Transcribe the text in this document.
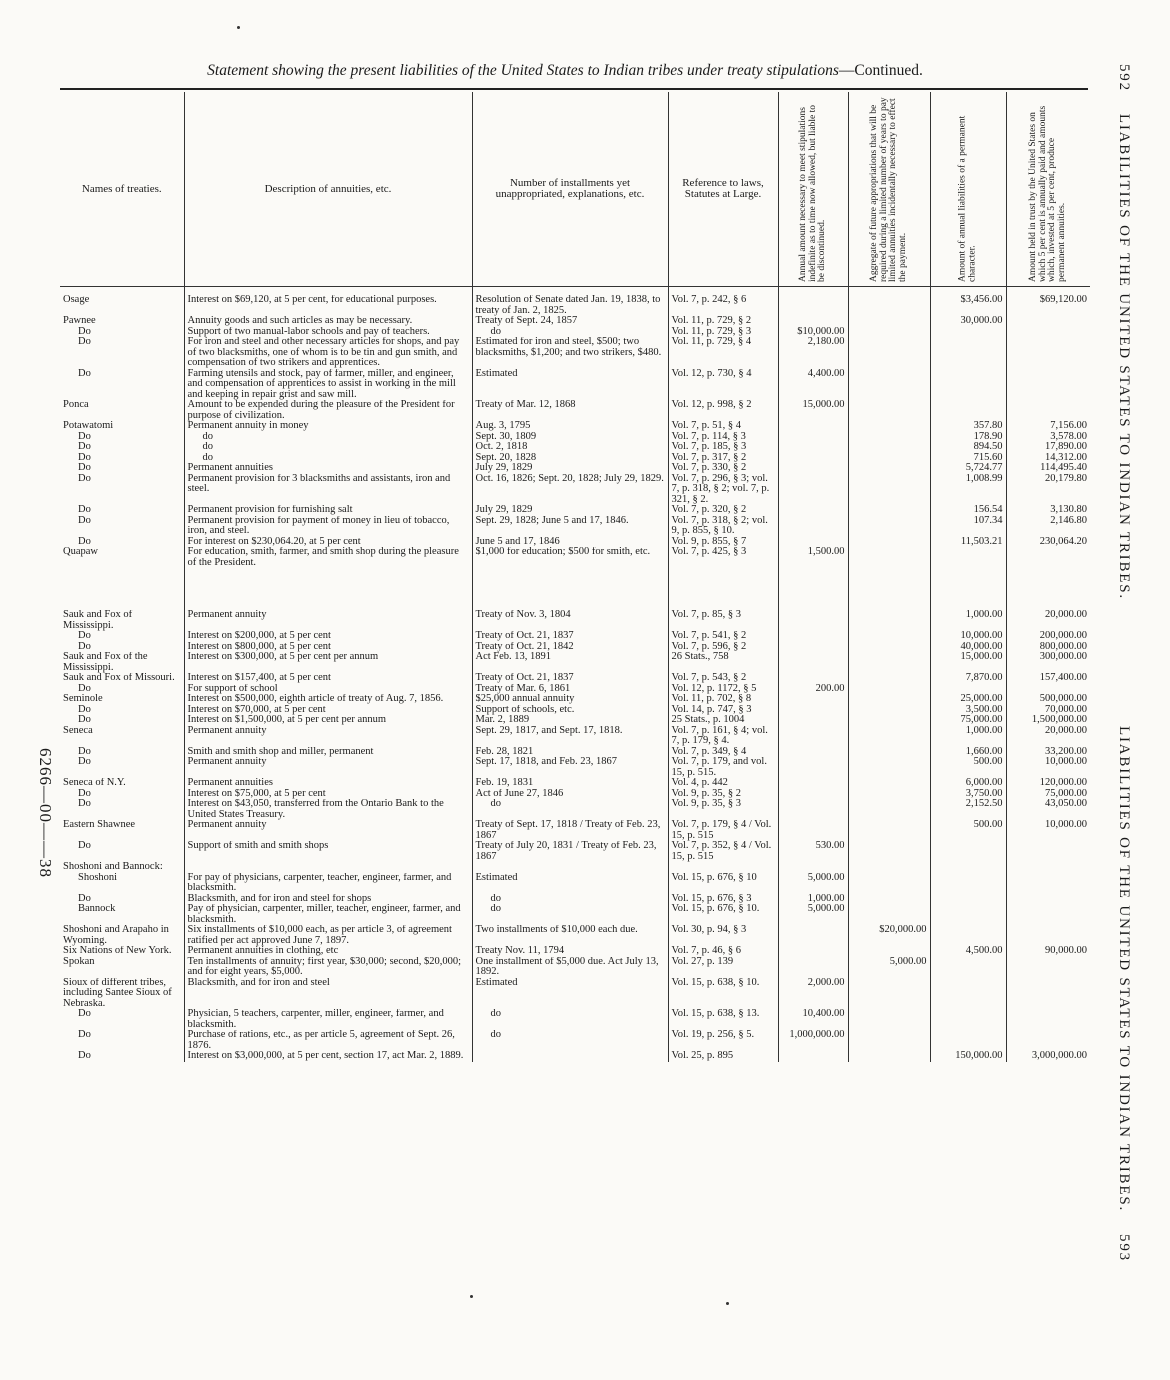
Statement showing the present liabilities of the United States to Indian tribes under treaty stipulations—Continued.	592
LIABILITIES OF THE UNITED STATES TO INDIAN TRIBES.
LIABILITIES OF THE UNITED STATES TO INDIAN TRIBES.
593
6266—00——38
Names of treaties.	Description of annuities, etc.	Number of installments yet unappropriated, explanations, etc.	Reference to laws, Statutes at Large.	Annual amount necessary to meet stipulations indefinite as to time now allowed, but liable to be discontinued.	Aggregate of future appropriations that will be required during a limited number of years to pay limited annuities incidentally necessary to effect the payment.	Amount of annual liabilities of a permanent character.	Amount held in trust by the United States on which 5 per cent is annually paid and amounts which, invested at 5 per cent, produce permanent annuities.

Osage	Interest on $69,120, at 5 per cent, for educational purposes.	Resolution of Senate dated Jan. 19, 1838, to treaty of Jan. 2, 1825.	Vol. 7, p. 242, § 6			$3,456.00	$69,120.00
Pawnee	Annuity goods and such articles as may be necessary.	Treaty of Sept. 24, 1857	Vol. 11, p. 729, § 2			30,000.00	
Do	Support of two manual-labor schools and pay of teachers.	do	Vol. 11, p. 729, § 3	$10,000.00			
Do	For iron and steel and other necessary articles for shops, and pay of two blacksmiths, one of whom is to be tin and gun smith, and compensation of two strikers and apprentices.	Estimated for iron and steel, $500; two blacksmiths, $1,200; and two strikers, $480.	Vol. 11, p. 729, § 4	2,180.00			
Do	Farming utensils and stock, pay of farmer, miller, and engineer, and compensation of apprentices to assist in working in the mill and keeping in repair grist and saw mill.	Estimated	Vol. 12, p. 730, § 4	4,400.00			
Ponca	Amount to be expended during the pleasure of the President for purpose of civilization.	Treaty of Mar. 12, 1868	Vol. 12, p. 998, § 2	15,000.00			
Potawatomi	Permanent annuity in money	Aug. 3, 1795	Vol. 7, p. 51, § 4			357.80	7,156.00
Do	do	Sept. 30, 1809	Vol. 7, p. 114, § 3			178.90	3,578.00
Do	do	Oct. 2, 1818	Vol. 7, p. 185, § 3			894.50	17,890.00
Do	do	Sept. 20, 1828	Vol. 7, p. 317, § 2			715.60	14,312.00
Do	Permanent annuities	July 29, 1829	Vol. 7, p. 330, § 2			5,724.77	114,495.40
Do	Permanent provision for 3 blacksmiths and assistants, iron and steel.	Oct. 16, 1826; Sept. 20, 1828; July 29, 1829.	Vol. 7, p. 296, § 3; vol. 7, p. 318, § 2; vol. 7, p. 321, § 2.			1,008.99	20,179.80
Do	Permanent provision for furnishing salt	July 29, 1829	Vol. 7, p. 320, § 2			156.54	3,130.80
Do	Permanent provision for payment of money in lieu of tobacco, iron, and steel.	Sept. 29, 1828; June 5 and 17, 1846.	Vol. 7, p. 318, § 2; vol. 9, p. 855, § 10.			107.34	2,146.80
Do	For interest on $230,064.20, at 5 per cent	June 5 and 17, 1846	Vol. 9, p. 855, § 7			11,503.21	230,064.20
Quapaw	For education, smith, farmer, and smith shop during the pleasure of the President.	$1,000 for education; $500 for smith, etc.	Vol. 7, p. 425, § 3	1,500.00			

Sauk and Fox of Mississippi.	Permanent annuity	Treaty of Nov. 3, 1804	Vol. 7, p. 85, § 3			1,000.00	20,000.00
Do	Interest on $200,000, at 5 per cent	Treaty of Oct. 21, 1837	Vol. 7, p. 541, § 2			10,000.00	200,000.00
Do	Interest on $800,000, at 5 per cent	Treaty of Oct. 21, 1842	Vol. 7, p. 596, § 2			40,000.00	800,000.00
Sauk and Fox of the Mississippi.	Interest on $300,000, at 5 per cent per annum	Act Feb. 13, 1891	26 Stats., 758			15,000.00	300,000.00
Sauk and Fox of Missouri.	Interest on $157,400, at 5 per cent	Treaty of Oct. 21, 1837	Vol. 7, p. 543, § 2			7,870.00	157,400.00
Do	For support of school	Treaty of Mar. 6, 1861	Vol. 12, p. 1172, § 5	200.00			
Seminole	Interest on $500,000, eighth article of treaty of Aug. 7, 1856.	$25,000 annual annuity	Vol. 11, p. 702, § 8			25,000.00	500,000.00
Do	Interest on $70,000, at 5 per cent	Support of schools, etc.	Vol. 14, p. 747, § 3			3,500.00	70,000.00
Do	Interest on $1,500,000, at 5 per cent per annum	Mar. 2, 1889	25 Stats., p. 1004			75,000.00	1,500,000.00
Seneca	Permanent annuity	Sept. 29, 1817, and Sept. 17, 1818.	Vol. 7, p. 161, § 4; vol. 7, p. 179, § 4.			1,000.00	20,000.00
Do	Smith and smith shop and miller, permanent	Feb. 28, 1821	Vol. 7, p. 349, § 4			1,660.00	33,200.00
Do	Permanent annuity	Sept. 17, 1818, and Feb. 23, 1867	Vol. 7, p. 179, and vol. 15, p. 515.			500.00	10,000.00
Seneca of N.Y.	Permanent annuities	Feb. 19, 1831	Vol. 4, p. 442			6,000.00	120,000.00
Do	Interest on $75,000, at 5 per cent	Act of June 27, 1846	Vol. 9, p. 35, § 2			3,750.00	75,000.00
Do	Interest on $43,050, transferred from the Ontario Bank to the United States Treasury.	do	Vol. 9, p. 35, § 3			2,152.50	43,050.00
Eastern Shawnee	Permanent annuity	Treaty of Sept. 17, 1818 / Treaty of Feb. 23, 1867	Vol. 7, p. 179, § 4 / Vol. 15, p. 515			500.00	10,000.00
Do	Support of smith and smith shops	Treaty of July 20, 1831 / Treaty of Feb. 23, 1867	Vol. 7, p. 352, § 4 / Vol. 15, p. 515	530.00			
Shoshoni and Bannock:							
Shoshoni	For pay of physicians, carpenter, teacher, engineer, farmer, and blacksmith.	Estimated	Vol. 15, p. 676, § 10	5,000.00			
Do	Blacksmith, and for iron and steel for shops	do	Vol. 15, p. 676, § 3	1,000.00			
Bannock	Pay of physician, carpenter, miller, teacher, engineer, farmer, and blacksmith.	do	Vol. 15, p. 676, § 10.	5,000.00			
Shoshoni and Arapaho in Wyoming.	Six installments of $10,000 each, as per article 3, of agreement ratified per act approved June 7, 1897.	Two installments of $10,000 each due.	Vol. 30, p. 94, § 3		$20,000.00		
Six Nations of New York.	Permanent annuities in clothing, etc	Treaty Nov. 11, 1794	Vol. 7, p. 46, § 6			4,500.00	90,000.00
Spokan	Ten installments of annuity; first year, $30,000; second, $20,000; and for eight years, $5,000.	One installment of $5,000 due. Act July 13, 1892.	Vol. 27, p. 139		5,000.00		
Sioux of different tribes, including Santee Sioux of Nebraska.	Blacksmith, and for iron and steel	Estimated	Vol. 15, p. 638, § 10.	2,000.00			
Do	Physician, 5 teachers, carpenter, miller, engineer, farmer, and blacksmith.	do	Vol. 15, p. 638, § 13.	10,400.00			
Do	Purchase of rations, etc., as per article 5, agreement of Sept. 26, 1876.	do	Vol. 19, p. 256, § 5.	1,000,000.00			
Do	Interest on $3,000,000, at 5 per cent, section 17, act Mar. 2, 1889.		Vol. 25, p. 895			150,000.00	3,000,000.00
